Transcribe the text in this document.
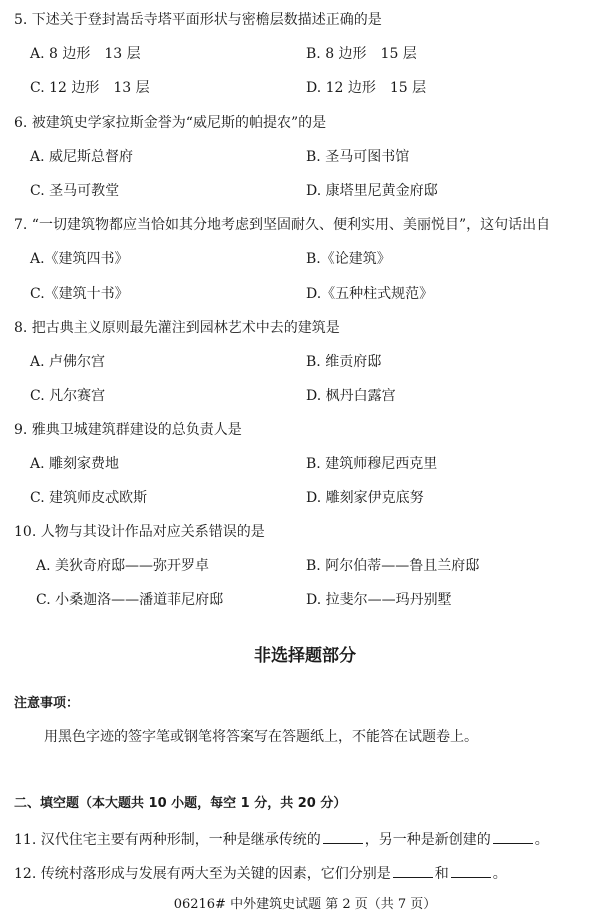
5. 下述关于登封嵩岳寺塔平面形状与密檐层数描述正确的是
A. 8 边形　13 层	B. 8 边形　15 层
C. 12 边形　13 层	D. 12 边形　15 层
6. 被建筑史学家拉斯金誉为“威尼斯的帕提农”的是
A. 威尼斯总督府	B. 圣马可图书馆
C. 圣马可教堂	D. 康塔里尼黄金府邸
7. “一切建筑物都应当恰如其分地考虑到坚固耐久、便利实用、美丽悦目”，这句话出自
A.《建筑四书》	B.《论建筑》
C.《建筑十书》	D.《五种柱式规范》
8. 把古典主义原则最先灌注到园林艺术中去的建筑是
A. 卢佛尔宫	B. 维贡府邸
C. 凡尔赛宫	D. 枫丹白露宫
9. 雅典卫城建筑群建设的总负责人是
A. 雕刻家费地	B. 建筑师穆尼西克里
C. 建筑师皮忒欧斯	D. 雕刻家伊克底努
10. 人物与其设计作品对应关系错误的是
A. 美狄奇府邸——弥开罗卓	B. 阿尔伯蒂——鲁且兰府邸
C. 小桑迦洛——潘道菲尼府邸	D. 拉斐尔——玛丹别墅
非选择题部分
注意事项：
用黑色字迹的签字笔或钢笔将答案写在答题纸上，不能答在试题卷上。
二、填空题（本大题共 10 小题，每空 1 分，共 20 分）
11. 汉代住宅主要有两种形制，一种是继承传统的	，另一种是新创建的	。
12. 传统村落形成与发展有两大至为关键的因素，它们分别是	和	。
06216# 中外建筑史试题 第 2 页（共 7 页）
